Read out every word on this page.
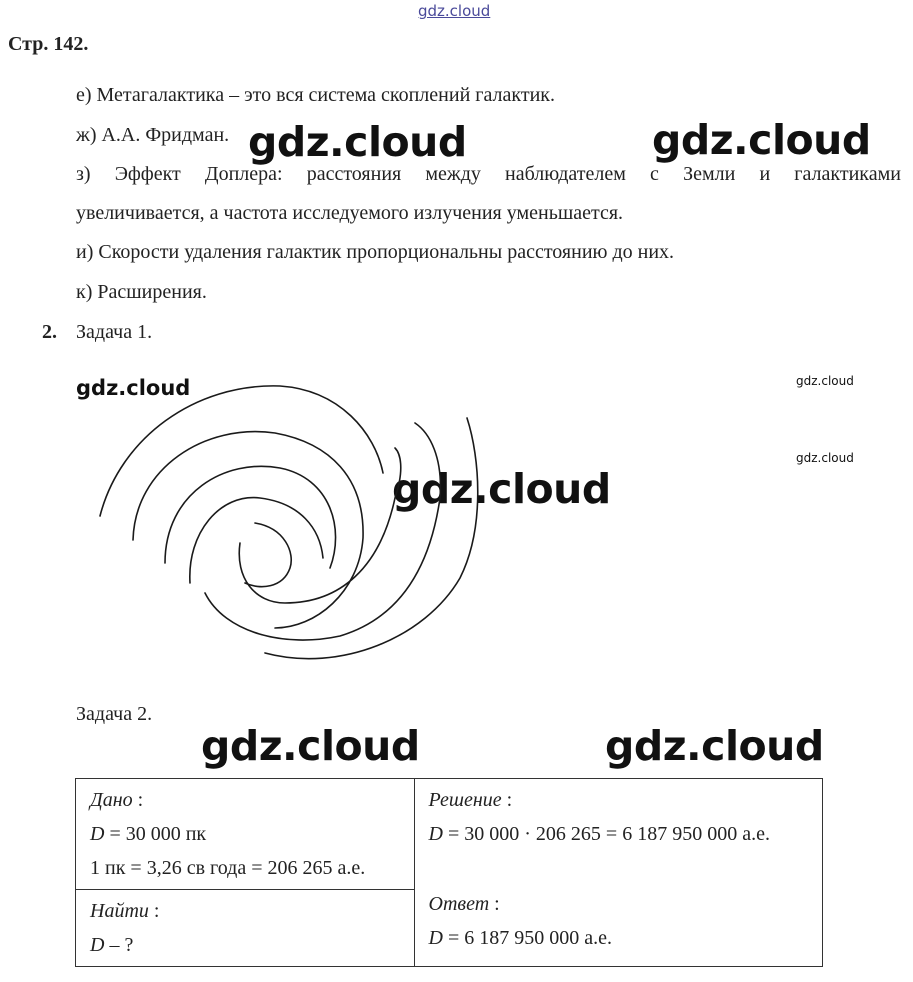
gdz.cloud
gdz.cloud	gdz.cloud
gdz.cloud	gdz.cloud
gdz.cloud
gdz.cloud
gdz.cloud	gdz.cloud
Стр. 142.
е) Метагалактика – это вся система скоплений галактик.
ж) А.А. Фридман.
з) Эффект Доплера: расстояния между наблюдателем с Земли и галактиками
увеличивается, а частота исследуемого излучения уменьшается.
и) Скорости удаления галактик пропорциональны расстоянию до них.
к) Расширения.
2. Задача 1.
Задача 2.
Дано :
D = 30 000 пк
1 пк = 3,26 св года = 206 265 а.е.

Решение :
D = 30 000 · 206 265 = 6 187 950 000 а.е.
Ответ :
D = 6 187 950 000 а.е.

Найти :
D – ?
